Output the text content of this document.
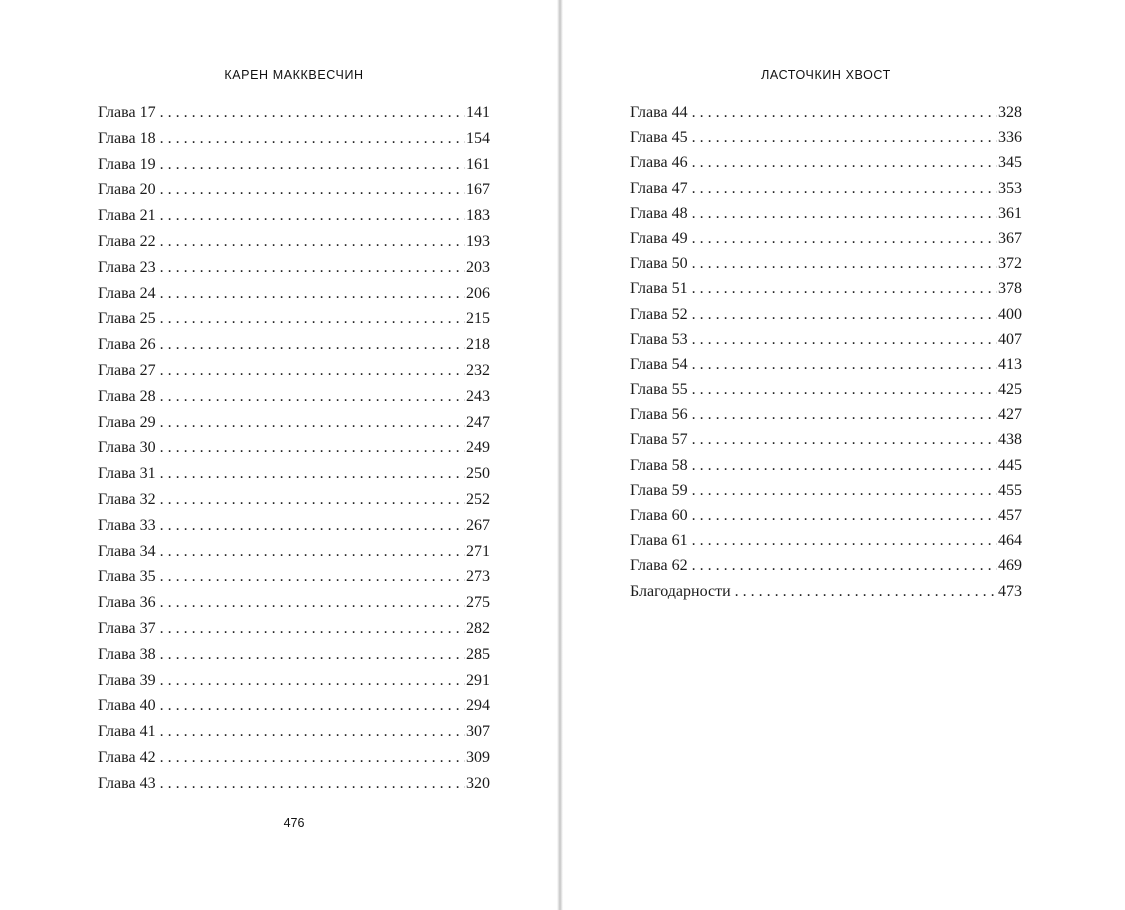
КАРЕН МАККВЕСЧИН
Глава 17 . . .	141
Глава 18 . . .	154
Глава 19 . . .	161
Глава 20 . . .	167
Глава 21 . . .	183
Глава 22 . . .	193
Глава 23 . . .	203
Глава 24 . . .	206
Глава 25 . . .	215
Глава 26 . . .	218
Глава 27 . . .	232
Глава 28 . . .	243
Глава 29 . . .	247
Глава 30 . . .	249
Глава 31 . . .	250
Глава 32 . . .	252
Глава 33 . . .	267
Глава 34 . . .	271
Глава 35 . . .	273
Глава 36 . . .	275
Глава 37 . . .	282
Глава 38 . . .	285
Глава 39 . . .	291
Глава 40 . . .	294
Глава 41 . . .	307
Глава 42 . . .	309
Глава 43 . . .	320
476
ЛАСТОЧКИН ХВОСТ
Глава 44 . . .	328
Глава 45 . . .	336
Глава 46 . . .	345
Глава 47 . . .	353
Глава 48 . . .	361
Глава 49 . . .	367
Глава 50 . . .	372
Глава 51 . . .	378
Глава 52 . . .	400
Глава 53 . . .	407
Глава 54 . . .	413
Глава 55 . . .	425
Глава 56 . . .	427
Глава 57 . . .	438
Глава 58 . . .	445
Глава 59 . . .	455
Глава 60 . . .	457
Глава 61 . . .	464
Глава 62 . . .	469
Благодарности . . .	473
